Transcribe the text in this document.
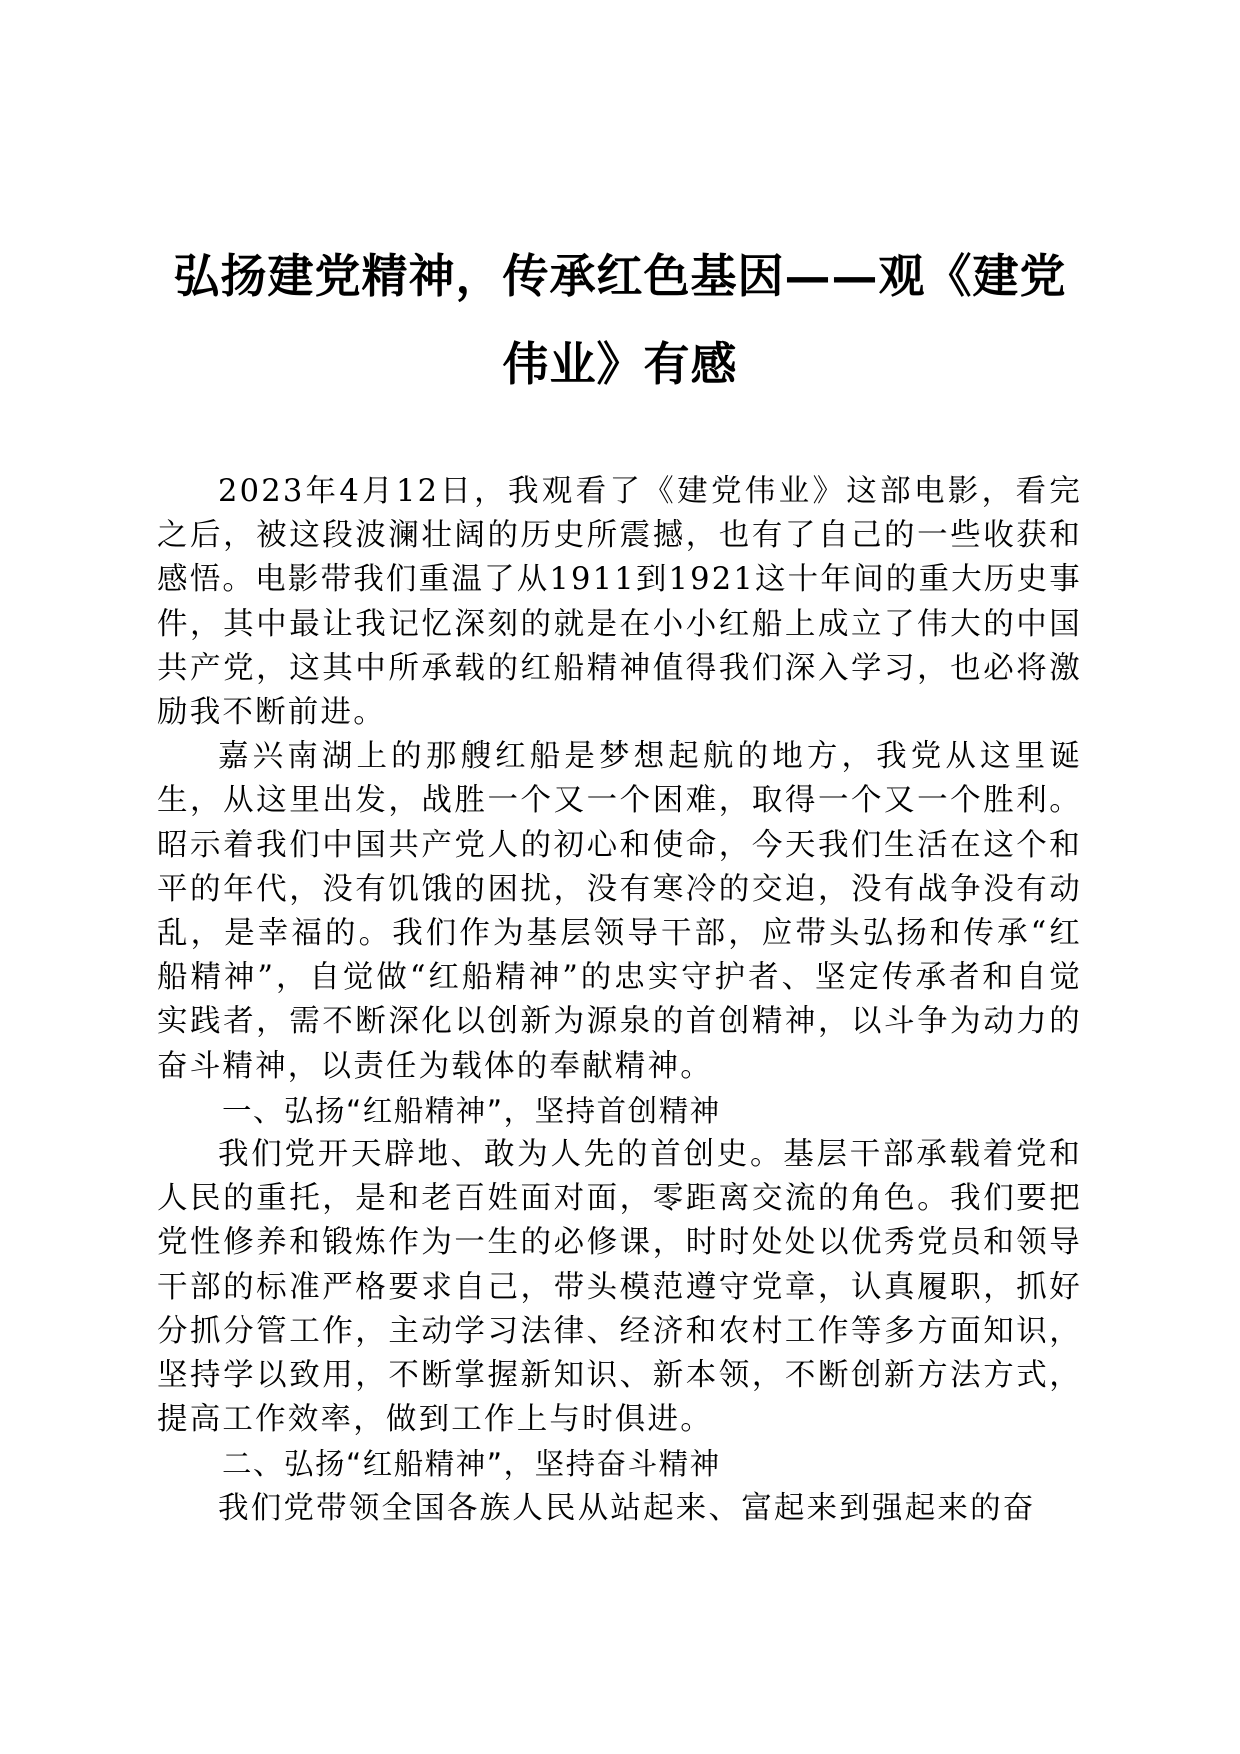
弘扬建党精神，传承红色基因——观《建党伟业》有感

2023年4月12日，我观看了《建党伟业》这部电影，看完之后，被这段波澜壮阔的历史所震撼，也有了自己的一些收获和感悟。电影带我们重温了从1911到1921这十年间的重大历史事件，其中最让我记忆深刻的就是在小小红船上成立了伟大的中国共产党，这其中所承载的红船精神值得我们深入学习，也必将激励我不断前进。

嘉兴南湖上的那艘红船是梦想起航的地方，我党从这里诞生，从这里出发，战胜一个又一个困难，取得一个又一个胜利。昭示着我们中国共产党人的初心和使命，今天我们生活在这个和平的年代，没有饥饿的困扰，没有寒冷的交迫，没有战争没有动乱，是幸福的。我们作为基层领导干部，应带头弘扬和传承“红船精神”，自觉做“红船精神”的忠实守护者、坚定传承者和自觉实践者，需不断深化以创新为源泉的首创精神，以斗争为动力的奋斗精神，以责任为载体的奉献精神。

一、弘扬“红船精神”，坚持首创精神

我们党开天辟地、敢为人先的首创史。基层干部承载着党和人民的重托，是和老百姓面对面，零距离交流的角色。我们要把党性修养和锻炼作为一生的必修课，时时处处以优秀党员和领导干部的标准严格要求自己，带头模范遵守党章，认真履职，抓好分抓分管工作，主动学习法律、经济和农村工作等多方面知识，坚持学以致用，不断掌握新知识、新本领，不断创新方法方式，提高工作效率，做到工作上与时俱进。

二、弘扬“红船精神”，坚持奋斗精神

我们党带领全国各族人民从站起来、富起来到强起来的奋
